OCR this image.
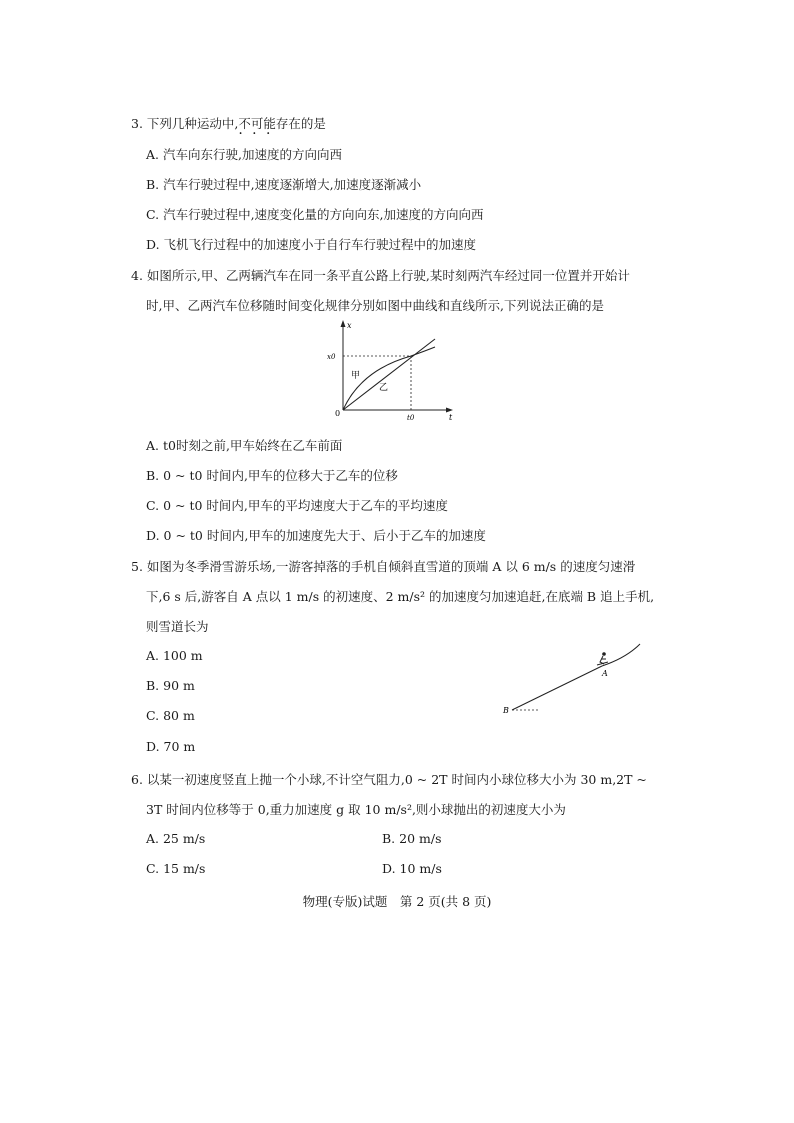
3. 下列几种运动中,不可能 · ·存在的是
A. 汽车向东行驶,加速度的方向向西
B. 汽车行驶过程中,速度逐渐增大,加速度逐渐减小
C. 汽车行驶过程中,速度变化量的方向向东,加速度的方向向西
D. 飞机飞行过程中的加速度小于自行车行驶过程中的加速度
4. 如图所示,甲、乙两辆汽车在同一条平直公路上行驶,某时刻两汽车经过同一位置并开始计
时,甲、乙两汽车位移随时间变化规律分别如图中曲线和直线所示,下列说法正确的是
x
t
0
x0
t0
甲
乙
A. t0时刻之前,甲车始终在乙车前面
B. 0 ~ t0 时间内,甲车的位移大于乙车的位移
C. 0 ~ t0 时间内,甲车的平均速度大于乙车的平均速度
D. 0 ~ t0 时间内,甲车的加速度先大于、后小于乙车的加速度
5. 如图为冬季滑雪游乐场,一游客掉落的手机自倾斜直雪道的顶端 A 以 6 m/s 的速度匀速滑
下,6 s 后,游客自 A 点以 1 m/s 的初速度、2 m/s² 的加速度匀加速追赶,在底端 B 追上手机,
则雪道长为
A
B
A. 100 m
B. 90 m
C. 80 m
D. 70 m
6. 以某一初速度竖直上抛一个小球,不计空气阻力,0 ~ 2T 时间内小球位移大小为 30 m,2T ~
3T 时间内位移等于 0,重力加速度 g 取 10 m/s²,则小球抛出的初速度大小为
A. 25 m/s	B. 20 m/s
C. 15 m/s	D. 10 m/s
物理(专版)试题　第 2 页(共 8 页)
